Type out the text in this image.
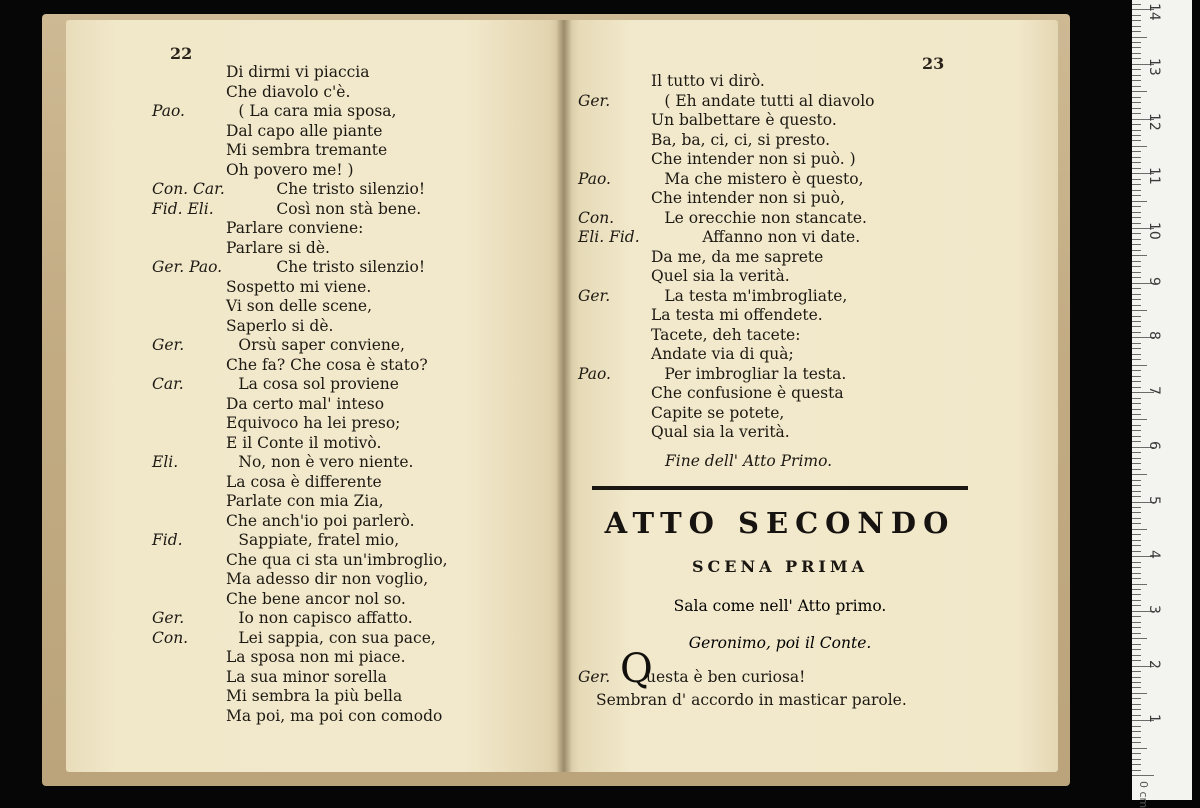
22
23
Di dirmi vi piaccia
Che diavolo c'è.
Pao.	( La cara mia sposa,
Dal capo alle piante
Mi sembra tremante
Oh povero me! )
Con. Car.	Che tristo silenzio!
Fid. Eli.	Così non stà bene.
Parlare conviene:
Parlare si dè.
Ger. Pao.	Che tristo silenzio!
Sospetto mi viene.
Vi son delle scene,
Saperlo si dè.
Ger.	Orsù saper conviene,
Che fa? Che cosa è stato?
Car.	La cosa sol proviene
Da certo mal' inteso
Equivoco ha lei preso;
E il Conte il motivò.
Eli.	No, non è vero niente.
La cosa è differente
Parlate con mia Zia,
Che anch'io poi parlerò.
Fid.	Sappiate, fratel mio,
Che qua ci sta un'imbroglio,
Ma adesso dir non voglio,
Che bene ancor nol so.
Ger.	Io non capisco affatto.
Con.	Lei sappia, con sua pace,
La sposa non mi piace.
La sua minor sorella
Mi sembra la più bella
Ma poi, ma poi con comodo
Il tutto vi dirò.
Ger.	( Eh andate tutti al diavolo
Un balbettare è questo.
Ba, ba, ci, ci, si presto.
Che intender non si può. )
Pao.	Ma che mistero è questo,
Che intender non si può,
Con.	Le orecchie non stancate.
Eli. Fid.	Affanno non vi date.
Da me, da me saprete
Quel sia la verità.
Ger.	La testa m'imbrogliate,
La testa mi offendete.
Tacete, deh tacete:
Andate via di quà;
Pao.	Per imbrogliar la testa.
Che confusione è questa
Capite se potete,
Qual sia la verità.
Fine dell' Atto Primo.
ATTO SECONDO
SCENA PRIMA
Sala come nell' Atto primo.
Geronimo, poi il Conte.
Ger. Q
uesta è ben curiosa!
Sembran d' accordo in masticar parole.
0 cm
1
2
3
4
5
6
7
8
9
10
11
12
13
14
